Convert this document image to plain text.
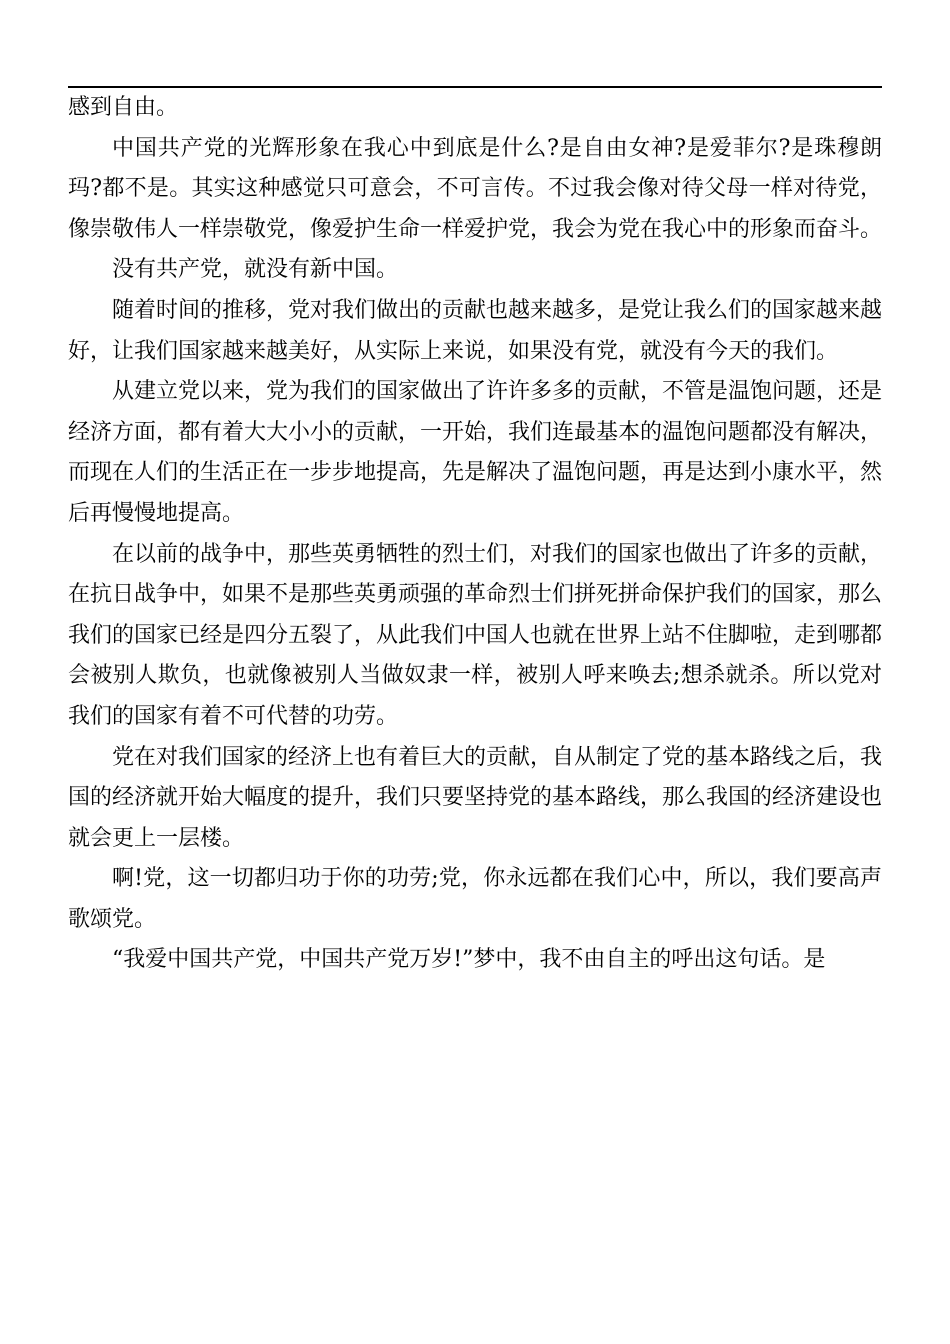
感到自由。

中国共产党的光辉形象在我心中到底是什么?是自由女神?是爱菲尔?是珠穆朗玛?都不是。其实这种感觉只可意会，不可言传。不过我会像对待父母一样对待党，像崇敬伟人一样崇敬党，像爱护生命一样爱护党，我会为党在我心中的形象而奋斗。

没有共产党，就没有新中国。

随着时间的推移，党对我们做出的贡献也越来越多，是党让我么们的国家越来越好，让我们国家越来越美好，从实际上来说，如果没有党，就没有今天的我们。

从建立党以来，党为我们的国家做出了许许多多的贡献，不管是温饱问题，还是经济方面，都有着大大小小的贡献，一开始，我们连最基本的温饱问题都没有解决，而现在人们的生活正在一步步地提高，先是解决了温饱问题，再是达到小康水平，然后再慢慢地提高。

在以前的战争中，那些英勇牺牲的烈士们，对我们的国家也做出了许多的贡献，在抗日战争中，如果不是那些英勇顽强的革命烈士们拼死拼命保护我们的国家，那么我们的国家已经是四分五裂了，从此我们中国人也就在世界上站不住脚啦，走到哪都会被别人欺负，也就像被别人当做奴隶一样，被别人呼来唤去;想杀就杀。所以党对我们的国家有着不可代替的功劳。

党在对我们国家的经济上也有着巨大的贡献，自从制定了党的基本路线之后，我国的经济就开始大幅度的提升，我们只要坚持党的基本路线，那么我国的经济建设也就会更上一层楼。

啊!党，这一切都归功于你的功劳;党，你永远都在我们心中，所以，我们要高声歌颂党。

“我爱中国共产党，中国共产党万岁!”梦中，我不由自主的呼出这句话。是
